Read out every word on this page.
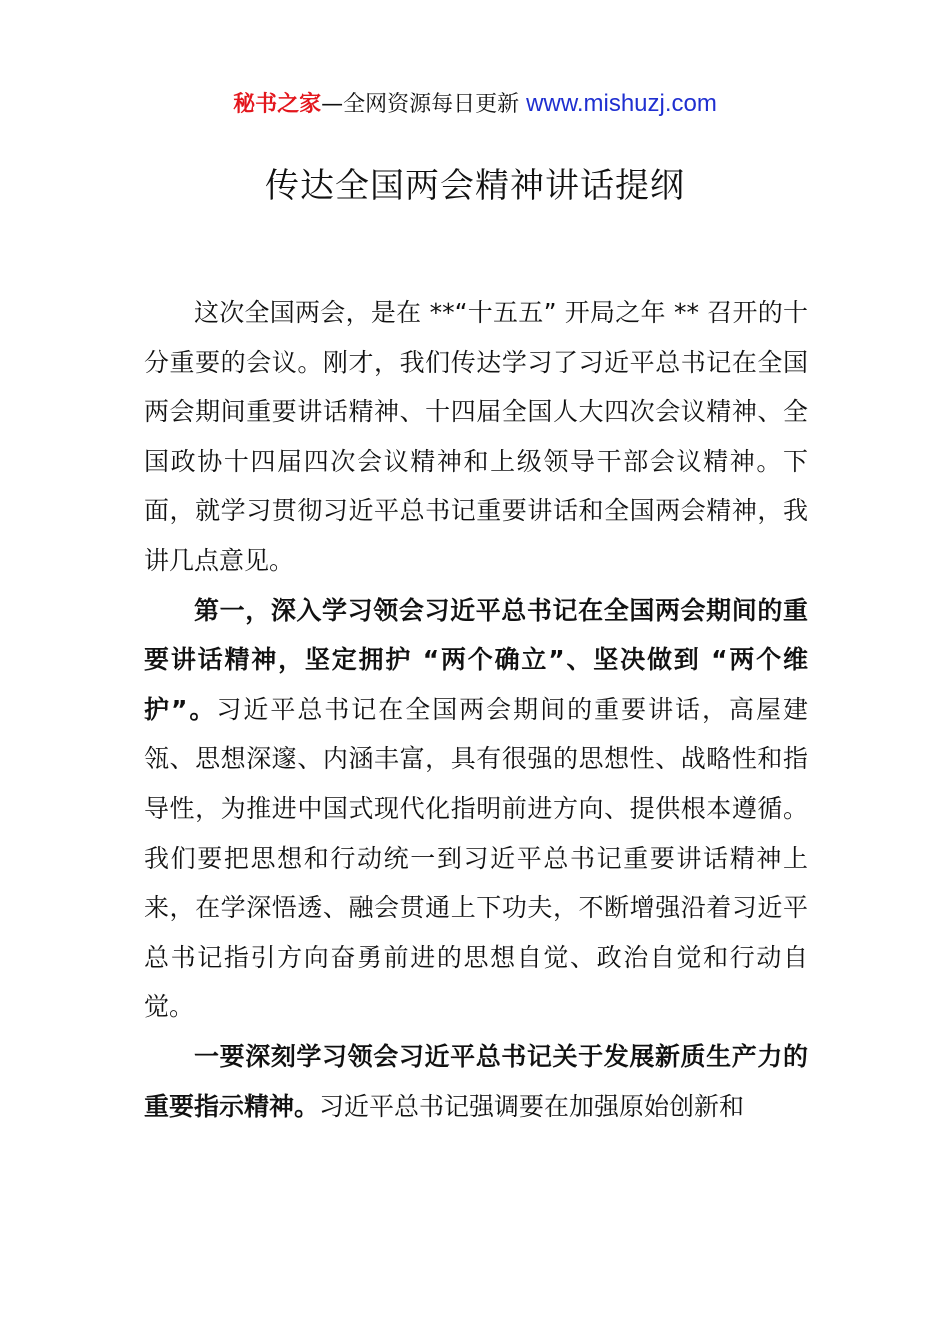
秘书之家—全网资源每日更新 www.mishuzj.com
传达全国两会精神讲话提纲

这次全国两会，是在 **“十五五” 开局之年 ** 召开的十分重要的会议。刚才，我们传达学习了习近平总书记在全国两会期间重要讲话精神、十四届全国人大四次会议精神、全国政协十四届四次会议精神和上级领导干部会议精神。下面，就学习贯彻习近平总书记重要讲话和全国两会精神，我讲几点意见。

第一，深入学习领会习近平总书记在全国两会期间的重要讲话精神，坚定拥护 “两个确立”、坚决做到 “两个维护”。习近平总书记在全国两会期间的重要讲话，高屋建瓴、思想深邃、内涵丰富，具有很强的思想性、战略性和指导性，为推进中国式现代化指明前进方向、提供根本遵循。我们要把思想和行动统一到习近平总书记重要讲话精神上来，在学深悟透、融会贯通上下功夫，不断增强沿着习近平总书记指引方向奋勇前进的思想自觉、政治自觉和行动自觉。

一要深刻学习领会习近平总书记关于发展新质生产力的重要指示精神。习近平总书记强调要在加强原始创新和
